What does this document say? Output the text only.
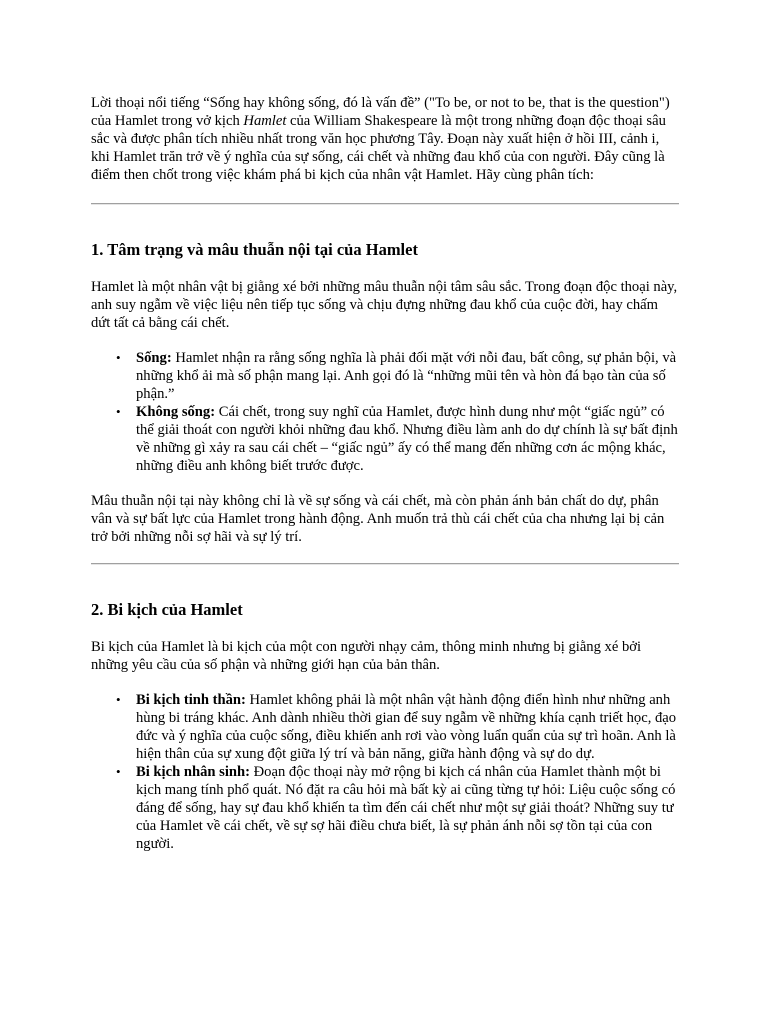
Lời thoại nổi tiếng “Sống hay không sống, đó là vấn đề” ("To be, or not to be, that is the question") của Hamlet trong vở kịch Hamlet của William Shakespeare là một trong những đoạn độc thoại sâu sắc và được phân tích nhiều nhất trong văn học phương Tây. Đoạn này xuất hiện ở hồi III, cảnh i, khi Hamlet trăn trở về ý nghĩa của sự sống, cái chết và những đau khổ của con người. Đây cũng là điểm then chốt trong việc khám phá bi kịch của nhân vật Hamlet. Hãy cùng phân tích:

1. Tâm trạng và mâu thuẫn nội tại của Hamlet

Hamlet là một nhân vật bị giằng xé bởi những mâu thuẫn nội tâm sâu sắc. Trong đoạn độc thoại này, anh suy ngẫm về việc liệu nên tiếp tục sống và chịu đựng những đau khổ của cuộc đời, hay chấm dứt tất cả bằng cái chết.

• Sống: Hamlet nhận ra rằng sống nghĩa là phải đối mặt với nỗi đau, bất công, sự phản bội, và những khổ ải mà số phận mang lại. Anh gọi đó là “những mũi tên và hòn đá bạo tàn của số phận.”
• Không sống: Cái chết, trong suy nghĩ của Hamlet, được hình dung như một “giấc ngủ” có thể giải thoát con người khỏi những đau khổ. Nhưng điều làm anh do dự chính là sự bất định về những gì xảy ra sau cái chết – “giấc ngủ” ấy có thể mang đến những cơn ác mộng khác, những điều anh không biết trước được.

Mâu thuẫn nội tại này không chỉ là về sự sống và cái chết, mà còn phản ánh bản chất do dự, phân vân và sự bất lực của Hamlet trong hành động. Anh muốn trả thù cái chết của cha nhưng lại bị cản trở bởi những nỗi sợ hãi và sự lý trí.

2. Bi kịch của Hamlet

Bi kịch của Hamlet là bi kịch của một con người nhạy cảm, thông minh nhưng bị giằng xé bởi những yêu cầu của số phận và những giới hạn của bản thân.

• Bi kịch tinh thần: Hamlet không phải là một nhân vật hành động điển hình như những anh hùng bi tráng khác. Anh dành nhiều thời gian để suy ngẫm về những khía cạnh triết học, đạo đức và ý nghĩa của cuộc sống, điều khiến anh rơi vào vòng luẩn quẩn của sự trì hoãn. Anh là hiện thân của sự xung đột giữa lý trí và bản năng, giữa hành động và sự do dự.
• Bi kịch nhân sinh: Đoạn độc thoại này mở rộng bi kịch cá nhân của Hamlet thành một bi kịch mang tính phổ quát. Nó đặt ra câu hỏi mà bất kỳ ai cũng từng tự hỏi: Liệu cuộc sống có đáng để sống, hay sự đau khổ khiến ta tìm đến cái chết như một sự giải thoát? Những suy tư của Hamlet về cái chết, về sự sợ hãi điều chưa biết, là sự phản ánh nỗi sợ tồn tại của con người.
